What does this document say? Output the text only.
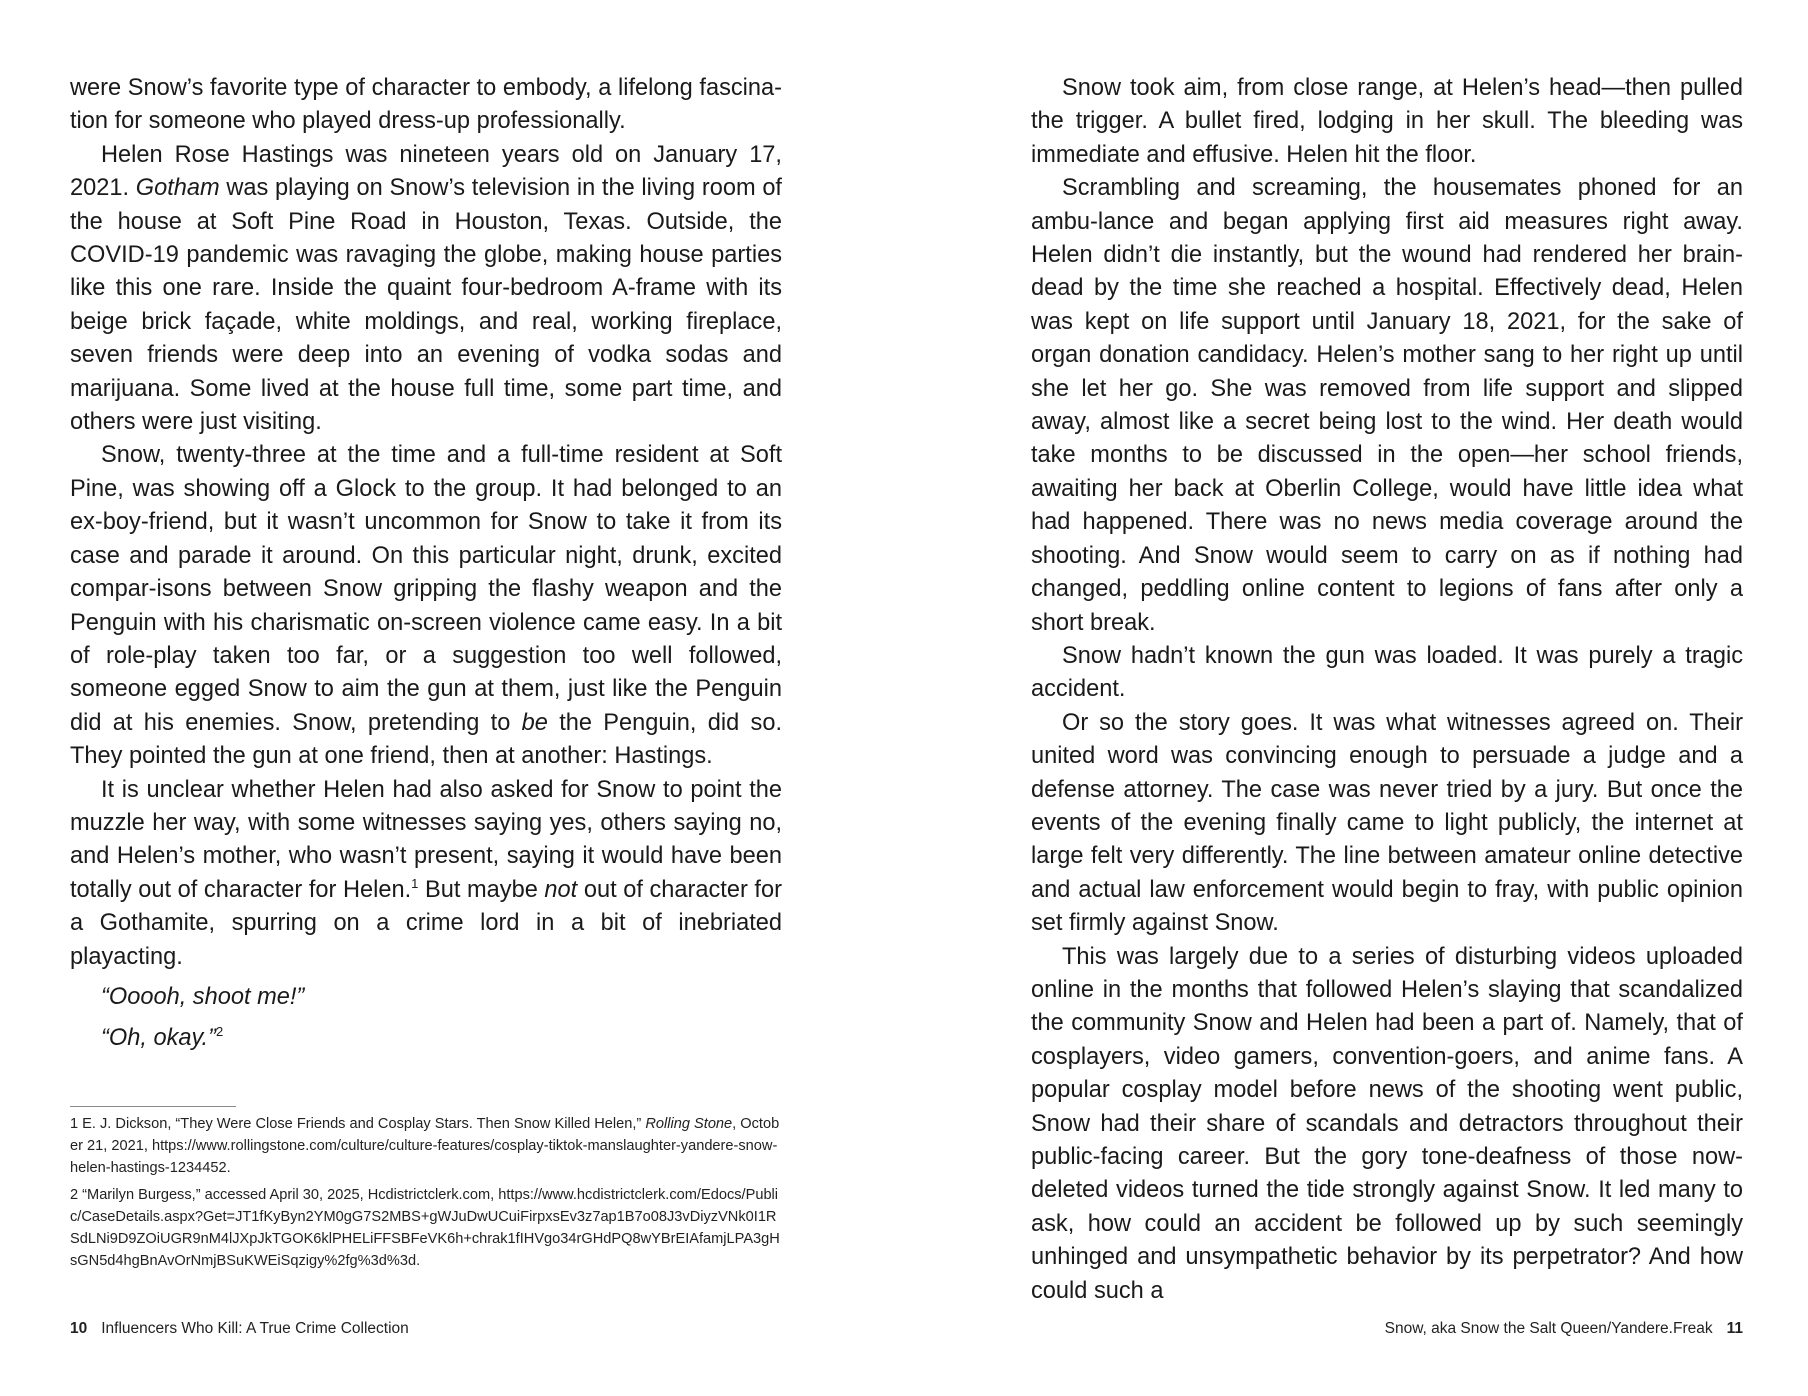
were Snow’s favorite type of character to embody, a lifelong fascina-tion for someone who played dress-up professionally.

Helen Rose Hastings was nineteen years old on January 17, 2021. Gotham was playing on Snow’s television in the living room of the house at Soft Pine Road in Houston, Texas. Outside, the COVID-19 pandemic was ravaging the globe, making house parties like this one rare. Inside the quaint four-bedroom A-frame with its beige brick façade, white moldings, and real, working fireplace, seven friends were deep into an evening of vodka sodas and marijuana. Some lived at the house full time, some part time, and others were just visiting.

Snow, twenty-three at the time and a full-time resident at Soft Pine, was showing off a Glock to the group. It had belonged to an ex-boy-friend, but it wasn’t uncommon for Snow to take it from its case and parade it around. On this particular night, drunk, excited compar-isons between Snow gripping the flashy weapon and the Penguin with his charismatic on-screen violence came easy. In a bit of role-play taken too far, or a suggestion too well followed, someone egged Snow to aim the gun at them, just like the Penguin did at his enemies. Snow, pretending to be the Penguin, did so. They pointed the gun at one friend, then at another: Hastings.

It is unclear whether Helen had also asked for Snow to point the muzzle her way, with some witnesses saying yes, others saying no, and Helen’s mother, who wasn’t present, saying it would have been totally out of character for Helen.$^1$ But maybe not out of character for a Gothamite, spurring on a crime lord in a bit of inebriated playacting.

“Ooooh, shoot me!”

“Oh, okay.”$^2$

1 E. J. Dickson, “They Were Close Friends and Cosplay Stars. Then Snow Killed Helen,” Rolling Stone, October 21, 2021, https://www.rollingstone.com/culture/culture-features/cosplay-tiktok-manslaughter-yandere-snow-helen-hastings-1234452.

2 “Marilyn Burgess,” accessed April 30, 2025, Hcdistrictclerk.com, https://www.hcdistrictclerk.com/Edocs/Public/CaseDetails.aspx?Get=JT1fKyByn2YM0gG7S2MBS+gWJuDwUCuiFirpxsEv3z7ap1B7o08J3vDiyzVNk0I1RSdLNi9D9ZOiUGR9nM4lJXpJkTGOK6klPHELiFFSBFeVK6h+chrak1fIHVgo34rGHdPQ8wYBrEIAfamjLPA3gHsGN5d4hgBnAvOrNmjBSuKWEiSqzigy%2fg%3d%3d.

10 Influencers Who Kill: A True Crime Collection

Snow took aim, from close range, at Helen’s head—then pulled the trigger. A bullet fired, lodging in her skull. The bleeding was immediate and effusive. Helen hit the floor.

Scrambling and screaming, the housemates phoned for an ambu-lance and began applying first aid measures right away. Helen didn’t die instantly, but the wound had rendered her brain-dead by the time she reached a hospital. Effectively dead, Helen was kept on life support until January 18, 2021, for the sake of organ donation candidacy. Helen’s mother sang to her right up until she let her go. She was removed from life support and slipped away, almost like a secret being lost to the wind. Her death would take months to be discussed in the open—her school friends, awaiting her back at Oberlin College, would have little idea what had happened. There was no news media coverage around the shooting. And Snow would seem to carry on as if nothing had changed, peddling online content to legions of fans after only a short break.

Snow hadn’t known the gun was loaded. It was purely a tragic accident.

Or so the story goes. It was what witnesses agreed on. Their united word was convincing enough to persuade a judge and a defense attorney. The case was never tried by a jury. But once the events of the evening finally came to light publicly, the internet at large felt very differently. The line between amateur online detective and actual law enforcement would begin to fray, with public opinion set firmly against Snow.

This was largely due to a series of disturbing videos uploaded online in the months that followed Helen’s slaying that scandalized the community Snow and Helen had been a part of. Namely, that of cosplayers, video gamers, convention-goers, and anime fans. A popular cosplay model before news of the shooting went public, Snow had their share of scandals and detractors throughout their public-facing career. But the gory tone-deafness of those now-deleted videos turned the tide strongly against Snow. It led many to ask, how could an accident be followed up by such seemingly unhinged and unsympathetic behavior by its perpetrator? And how could such a

Snow, aka Snow the Salt Queen/Yandere.Freak 11
